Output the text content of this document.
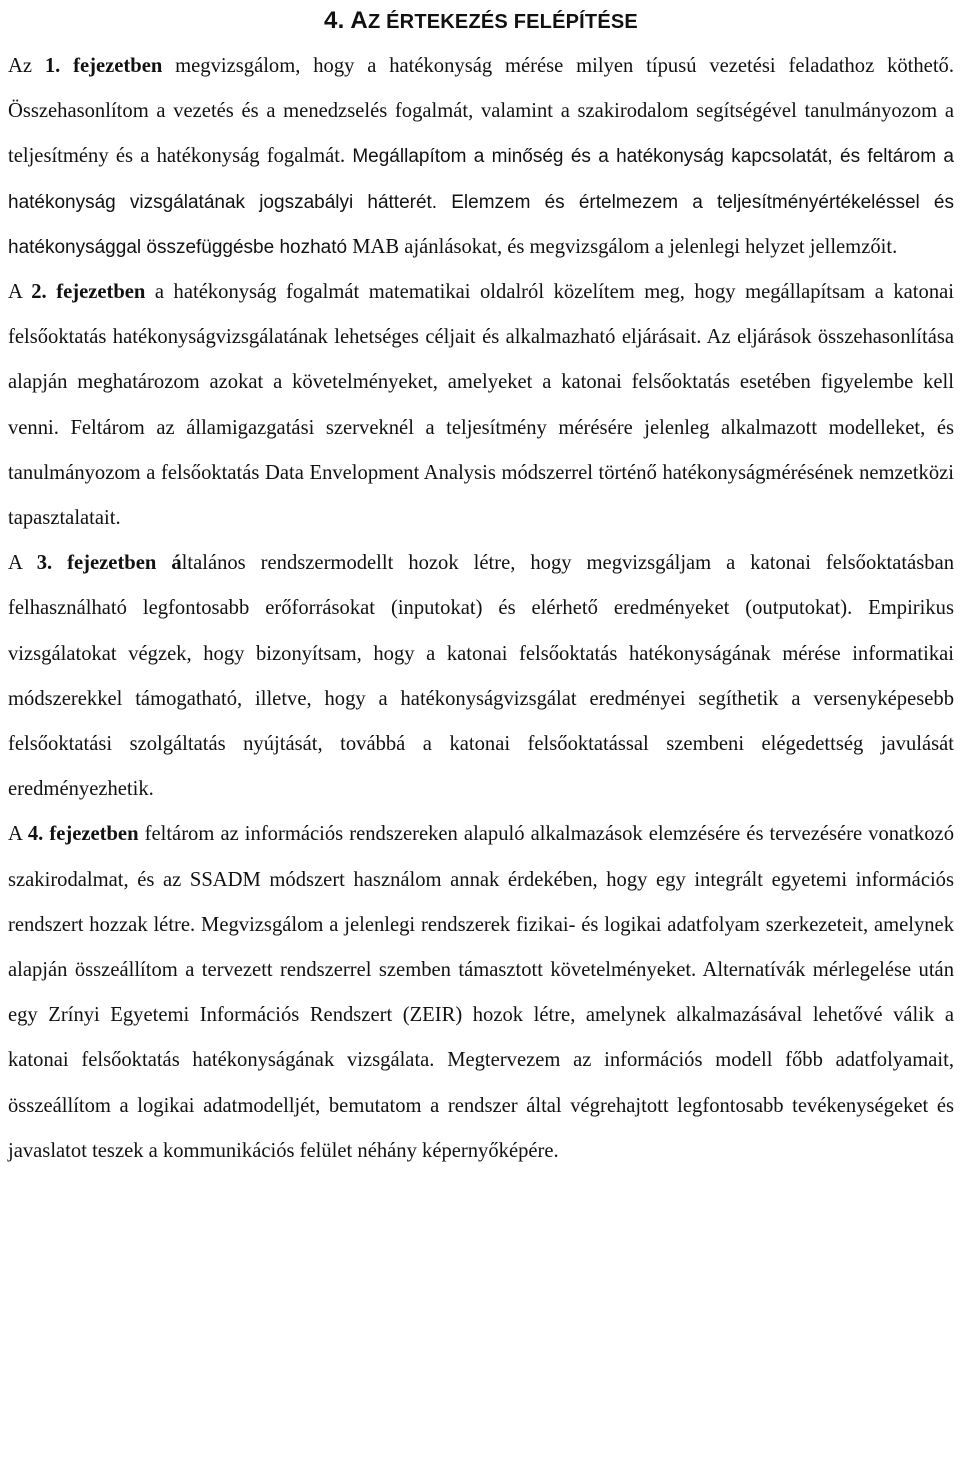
4. AZ ÉRTEKEZÉS FELÉPÍTÉSE

Az 1. fejezetben megvizsgálom, hogy a hatékonyság mérése milyen típusú vezetési feladathoz köthető. Összehasonlítom a vezetés és a menedzselés fogalmát, valamint a szakirodalom segítségével tanulmányozom a teljesítmény és a hatékonyság fogalmát. Megállapítom a minőség és a hatékonyság kapcsolatát, és feltárom a hatékonyság vizsgálatának jogszabályi hátterét. Elemzem és értelmezem a teljesítményértékeléssel és hatékonysággal összefüggésbe hozható MAB ajánlásokat, és megvizsgálom a jelenlegi helyzet jellemzőit.

A 2. fejezetben a hatékonyság fogalmát matematikai oldalról közelítem meg, hogy megállapítsam a katonai felsőoktatás hatékonyságvizsgálatának lehetséges céljait és alkalmazható eljárásait. Az eljárások összehasonlítása alapján meghatározom azokat a követelményeket, amelyeket a katonai felsőoktatás esetében figyelembe kell venni. Feltárom az államigazgatási szerveknél a teljesítmény mérésére jelenleg alkalmazott modelleket, és tanulmányozom a felsőoktatás Data Envelopment Analysis módszerrel történő hatékonyságmérésének nemzetközi tapasztalatait.

A 3. fejezetben általános rendszermodellt hozok létre, hogy megvizsgáljam a katonai felsőoktatásban felhasználható legfontosabb erőforrásokat (inputokat) és elérhető eredményeket (outputokat). Empirikus vizsgálatokat végzek, hogy bizonyítsam, hogy a katonai felsőoktatás hatékonyságának mérése informatikai módszerekkel támogatható, illetve, hogy a hatékonyságvizsgálat eredményei segíthetik a versenyképesebb felsőoktatási szolgáltatás nyújtását, továbbá a katonai felsőoktatással szembeni elégedettség javulását eredményezhetik.

A 4. fejezetben feltárom az információs rendszereken alapuló alkalmazások elemzésére és tervezésére vonatkozó szakirodalmat, és az SSADM módszert használom annak érdekében, hogy egy integrált egyetemi információs rendszert hozzak létre. Megvizsgálom a jelenlegi rendszerek fizikai- és logikai adatfolyam szerkezeteit, amelynek alapján összeállítom a tervezett rendszerrel szemben támasztott követelményeket. Alternatívák mérlegelése után egy Zrínyi Egyetemi Információs Rendszert (ZEIR) hozok létre, amelynek alkalmazásával lehetővé válik a katonai felsőoktatás hatékonyságának vizsgálata. Megtervezem az információs modell főbb adatfolyamait, összeállítom a logikai adatmodelljét, bemutatom a rendszer által végrehajtott legfontosabb tevékenységeket és javaslatot teszek a kommunikációs felület néhány képernyőképére.
